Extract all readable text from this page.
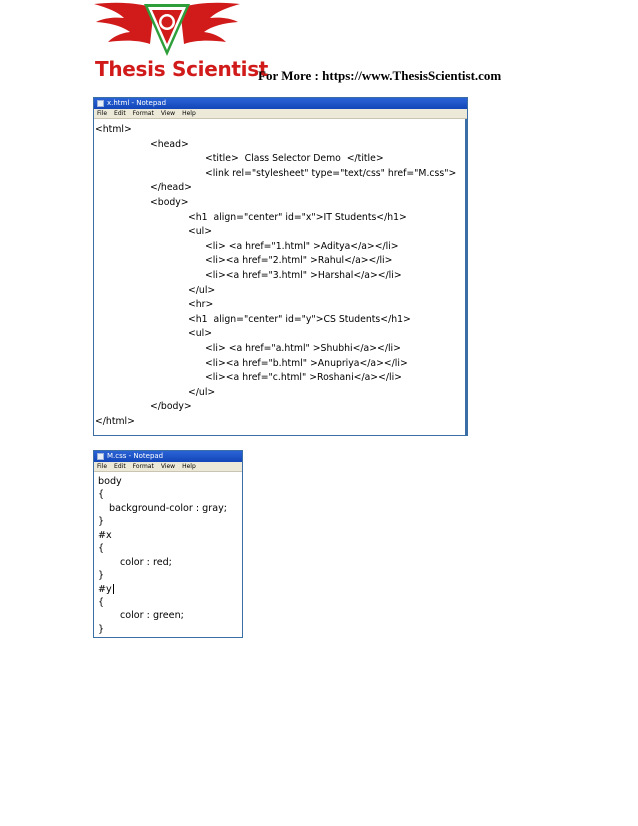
Thesis Scientist
For More : https://www.ThesisScientist.com
x.html - Notepad
File Edit Format View Help
<html>
<head>
<title>  Class Selector Demo  </title>
<link rel="stylesheet" type="text/css" href="M.css">
</head>
<body>
<h1  align="center" id="x">IT Students</h1>
<ul>
<li> <a href="1.html" >Aditya</a></li>
<li><a href="2.html" >Rahul</a></li>
<li><a href="3.html" >Harshal</a></li>
</ul>
<hr>
<h1  align="center" id="y">CS Students</h1>
<ul>
<li> <a href="a.html" >Shubhi</a></li>
<li><a href="b.html" >Anupriya</a></li>
<li><a href="c.html" >Roshani</a></li>
</ul>
</body>
</html>
M.css - Notepad
File Edit Format View Help
body
{
background-color : gray;
}
#x
{
color : red;
}
#y
{
color : green;
}
